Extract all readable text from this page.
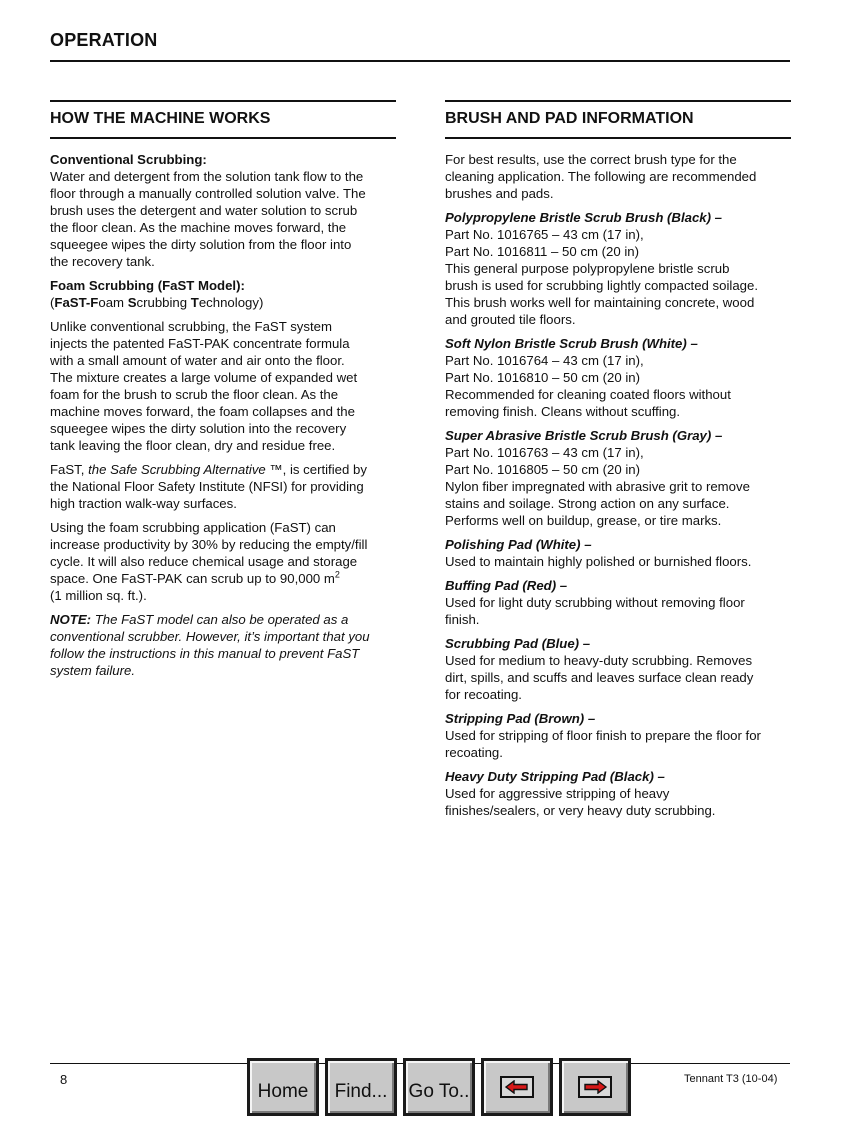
OPERATION
HOW THE MACHINE WORKS

Conventional Scrubbing:
Water and detergent from the solution tank flow to the
floor through a manually controlled solution valve. The
brush uses the detergent and water solution to scrub
the floor clean. As the machine moves forward, the
squeegee wipes the dirty solution from the floor into
the recovery tank.

Foam Scrubbing (FaST Model):
(FaST-Foam Scrubbing Technology)

Unlike conventional scrubbing, the FaST system
injects the patented FaST-PAK concentrate formula
with a small amount of water and air onto the floor.
The mixture creates a large volume of expanded wet
foam for the brush to scrub the floor clean. As the
machine moves forward, the foam collapses and the
squeegee wipes the dirty solution into the recovery
tank leaving the floor clean, dry and residue free.

FaST, the Safe Scrubbing Alternative ™, is certified by
the National Floor Safety Institute (NFSI) for providing
high traction walk-way surfaces.

Using the foam scrubbing application (FaST) can
increase productivity by 30% by reducing the empty/fill
cycle. It will also reduce chemical usage and storage
space. One FaST-PAK can scrub up to 90,000 $m^2$
(1 million sq. ft.).

NOTE: The FaST model can also be operated as a
conventional scrubber. However, it’s important that you
follow the instructions in this manual to prevent FaST
system failure.

BRUSH AND PAD INFORMATION

For best results, use the correct brush type for the
cleaning application. The following are recommended
brushes and pads.

Polypropylene Bristle Scrub Brush (Black) –
Part No. 1016765 – 43 cm (17 in),
Part No. 1016811 – 50 cm (20 in)
This general purpose polypropylene bristle scrub
brush is used for scrubbing lightly compacted soilage.
This brush works well for maintaining concrete, wood
and grouted tile floors.

Soft Nylon Bristle Scrub Brush (White) –
Part No. 1016764 – 43 cm (17 in),
Part No. 1016810 – 50 cm (20 in)
Recommended for cleaning coated floors without
removing finish. Cleans without scuffing.

Super Abrasive Bristle Scrub Brush (Gray) –
Part No. 1016763 – 43 cm (17 in),
Part No. 1016805 – 50 cm (20 in)
Nylon fiber impregnated with abrasive grit to remove
stains and soilage. Strong action on any surface.
Performs well on buildup, grease, or tire marks.

Polishing Pad (White) –
Used to maintain highly polished or burnished floors.

Buffing Pad (Red) –
Used for light duty scrubbing without removing floor
finish.

Scrubbing Pad (Blue) –
Used for medium to heavy-duty scrubbing. Removes
dirt, spills, and scuffs and leaves surface clean ready
for recoating.

Stripping Pad (Brown) –
Used for stripping of floor finish to prepare the floor for
recoating.

Heavy Duty Stripping Pad (Black) –
Used for aggressive stripping of heavy
finishes/sealers, or very heavy duty scrubbing.

8	Tennant T3 (10-04)
Home	Find...	Go To..
